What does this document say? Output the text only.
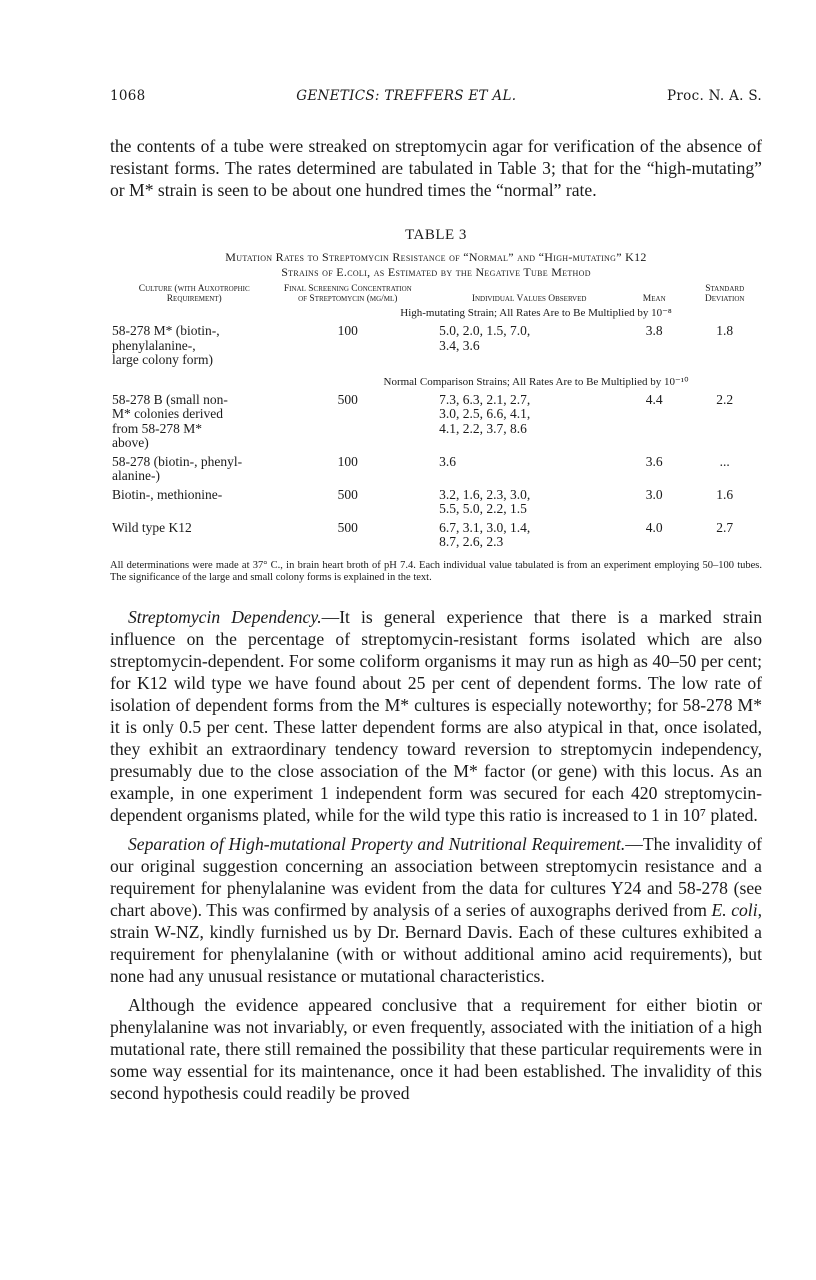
1068	GENETICS: TREFFERS ET AL.	Proc. N. A. S.

the contents of a tube were streaked on streptomycin agar for verification of the absence of resistant forms. The rates determined are tabulated in Table 3; that for the “high-mutating” or M* strain is seen to be about one hundred times the “normal” rate.

TABLE 3
Mutation Rates to Streptomycin Resistance of “Normal” and “High-mutating” K12
Strains of E.coli, as Estimated by the Negative Tube Method
Culture (with Auxotrophic Requirement)	Final Screening Concentration of Streptomycin (µg/ml)	Individual Values Observed	Mean	Standard Deviation
High-mutating Strain; All Rates Are to Be Multiplied by 10⁻⁸				
58-278 M* (biotin-,
phenylalanine-,
large colony form)	100	5.0, 2.0, 1.5, 7.0,
3.4, 3.6	3.8	1.8
Normal Comparison Strains; All Rates Are to Be Multiplied by 10⁻¹⁰				
58-278 B (small non-
M* colonies derived
from 58-278 M*
above)	500	7.3, 6.3, 2.1, 2.7,
3.0, 2.5, 6.6, 4.1,
4.1, 2.2, 3.7, 8.6	4.4	2.2
58-278 (biotin-, phenyl-
alanine-)	100	3.6	3.6	...
Biotin-, methionine-	500	3.2, 1.6, 2.3, 3.0,
5.5, 5.0, 2.2, 1.5	3.0	1.6
Wild type K12	500	6.7, 3.1, 3.0, 1.4,
8.7, 2.6, 2.3	4.0	2.7
All determinations were made at 37° C., in brain heart broth of pH 7.4. Each individual value tabulated is from an experiment employing 50–100 tubes. The significance of the large and small colony forms is explained in the text.

Streptomycin Dependency.—It is general experience that there is a marked strain influence on the percentage of streptomycin-resistant forms isolated which are also streptomycin-dependent. For some coliform organisms it may run as high as 40–50 per cent; for K12 wild type we have found about 25 per cent of dependent forms. The low rate of isolation of dependent forms from the M* cultures is especially noteworthy; for 58-278 M* it is only 0.5 per cent. These latter dependent forms are also atypical in that, once isolated, they exhibit an extraordinary tendency toward reversion to streptomycin independency, presumably due to the close association of the M* factor (or gene) with this locus. As an example, in one experiment 1 independent form was secured for each 420 streptomycin-dependent organisms plated, while for the wild type this ratio is increased to 1 in 10⁷ plated.

Separation of High-mutational Property and Nutritional Requirement.—The invalidity of our original suggestion concerning an association between streptomycin resistance and a requirement for phenylalanine was evident from the data for cultures Y24 and 58-278 (see chart above). This was confirmed by analysis of a series of auxographs derived from E. coli, strain W-NZ, kindly furnished us by Dr. Bernard Davis. Each of these cultures exhibited a requirement for phenylalanine (with or without additional amino acid requirements), but none had any unusual resistance or mutational characteristics.

Although the evidence appeared conclusive that a requirement for either biotin or phenylalanine was not invariably, or even frequently, associated with the initiation of a high mutational rate, there still remained the possibility that these particular requirements were in some way essential for its maintenance, once it had been established. The invalidity of this second hypothesis could readily be proved
